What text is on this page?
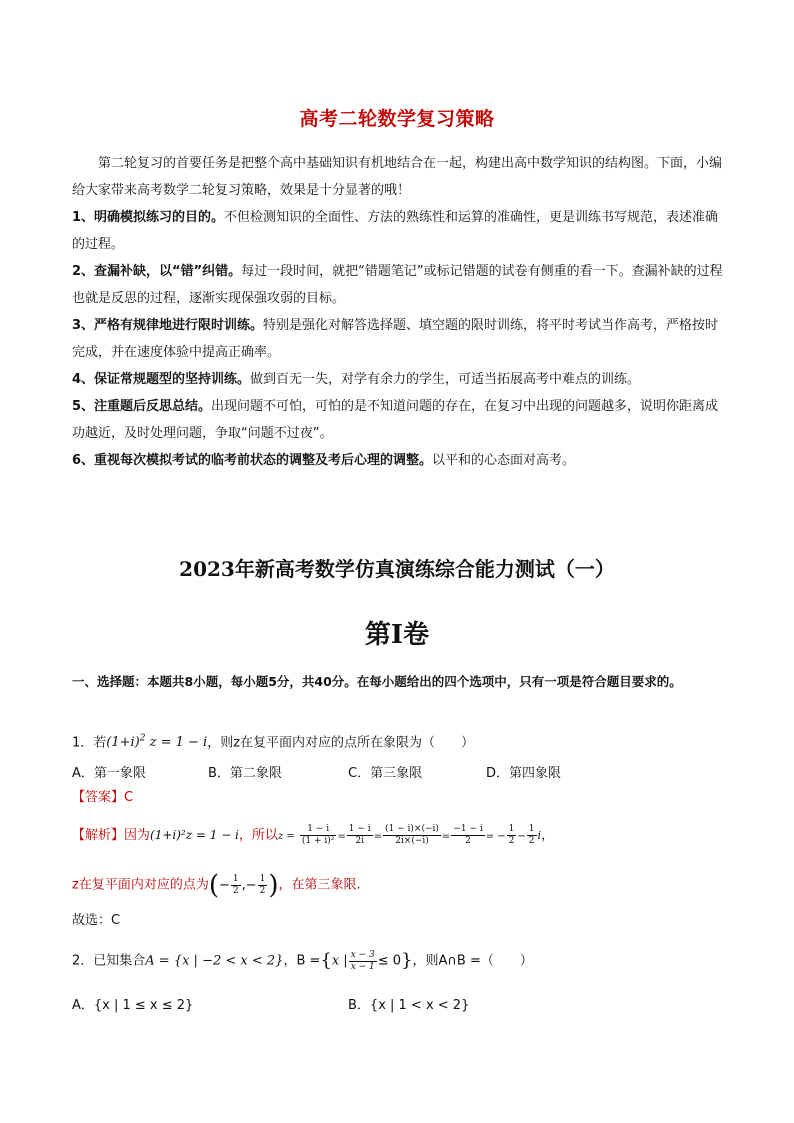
高考二轮数学复习策略
第二轮复习的首要任务是把整个高中基础知识有机地结合在一起，构建出高中数学知识的结构图。下面，小编给大家带来高考数学二轮复习策略，效果是十分显著的哦！
1、明确模拟练习的目的。不但检测知识的全面性、方法的熟练性和运算的准确性，更是训练书写规范，表述准确的过程。
2、查漏补缺，以“错”纠错。每过一段时间，就把“错题笔记”或标记错题的试卷有侧重的看一下。查漏补缺的过程也就是反思的过程，逐渐实现保强攻弱的目标。
3、严格有规律地进行限时训练。特别是强化对解答选择题、填空题的限时训练，将平时考试当作高考，严格按时完成，并在速度体验中提高正确率。
4、保证常规题型的坚持训练。做到百无一失，对学有余力的学生，可适当拓展高考中难点的训练。
5、注重题后反思总结。出现问题不可怕，可怕的是不知道问题的存在，在复习中出现的问题越多，说明你距离成功越近，及时处理问题，争取“问题不过夜”。
6、重视每次模拟考试的临考前状态的调整及考后心理的调整。以平和的心态面对高考。
2023年新高考数学仿真演练综合能力测试（一）
第Ⅰ卷
一、选择题：本题共8小题，每小题5分，共40分。在每小题给出的四个选项中，只有一项是符合题目要求的。
1．若$(1+i)^2$ z = 1 − i，则z在复平面内对应的点所在象限为（　　）
A．第一象限	B．第二象限	C．第三象限	D．第四象限
【答案】C
【解析】因为(1+i)²z = 1 − i，所以$z = \frac{1 - i}{\text{(1 + i)²}} = \frac{1 - i}{2i} = \frac{(1 - i)\times(-i)}{2i\times(-i)} = \frac{-1 - i}{2}$ = − $\frac{1}{2} - \frac{1}{2}$ i，
z在复平面内对应的点为(− $\frac{1}{2}$ ,− $\frac{1}{2}$ )，在第三象限.
故选：C
2．已知集合A = {x | −2 < x < 2}，B ={x | $\frac{x - 3}{x - 1} \le 0$}，则A∩B =（　　）
A．{x | 1 ≤ x ≤ 2}	B．{x | 1 < x < 2}
